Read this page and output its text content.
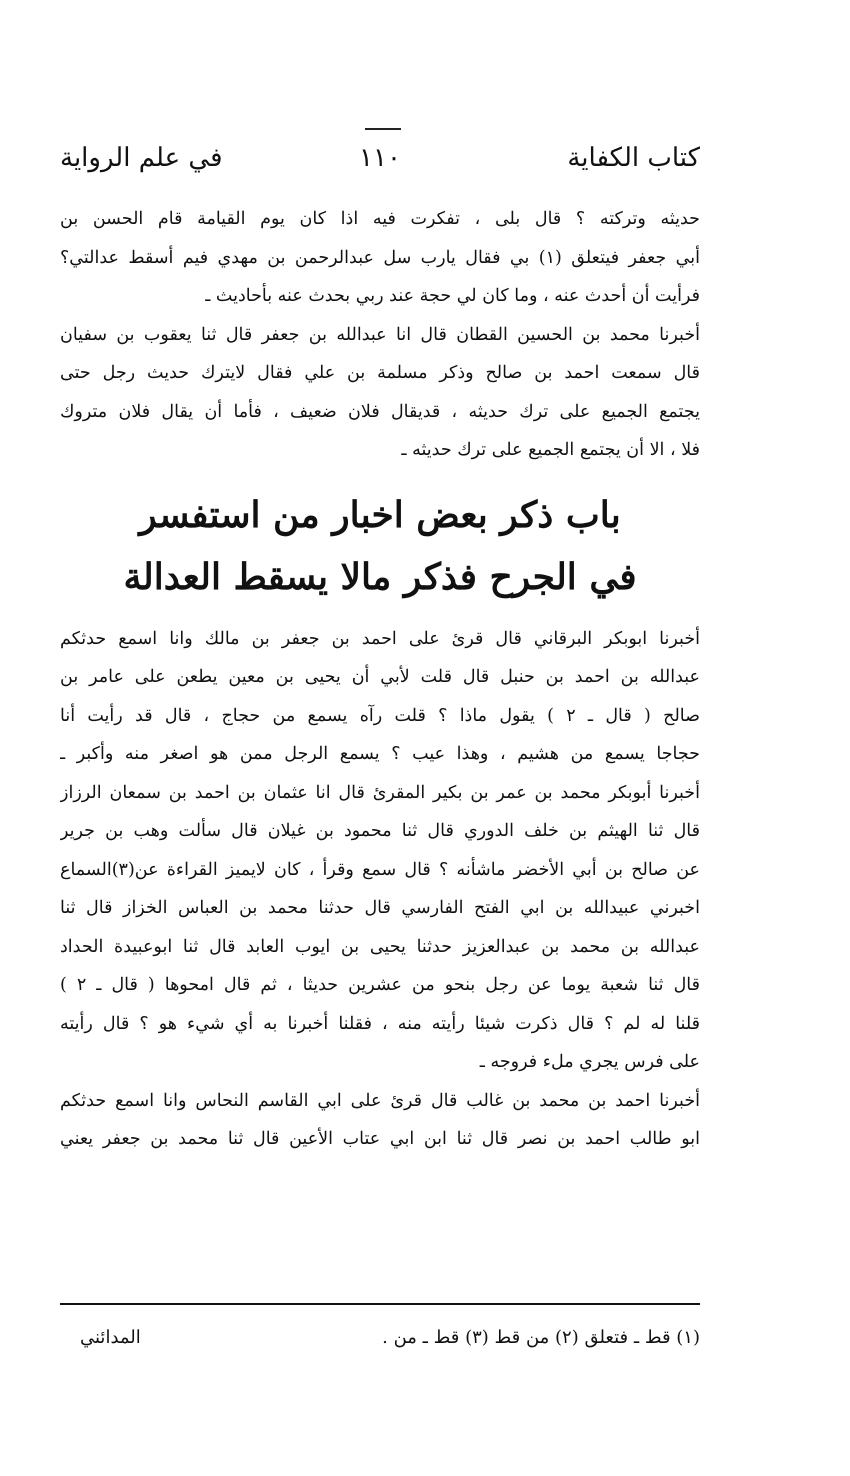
كتاب الكفاية
١١٠
في علم الرواية
حديثه وتركته ؟ قال بلى ، تفكرت فيه اذا كان يوم القيامة قام الحسن بن
أبي جعفر فيتعلق (١) بي فقال يارب سل عبدالرحمن بن مهدي فيم أسقط عدالتي؟
فرأيت أن أحدث عنه ، وما كان لي حجة عند ربي بحدث عنه بأحاديث ـ
أخبرنا محمد بن الحسين القطان قال انا عبدالله بن جعفر قال ثنا يعقوب بن سفيان
قال سمعت احمد بن صالح وذكر مسلمة بن علي فقال لايترك حديث رجل حتى
يجتمع الجميع على ترك حديثه ، قديقال فلان ضعيف ، فأما أن يقال فلان متروك
فلا ، الا أن يجتمع الجميع على ترك حديثه ـ
باب ذكر بعض اخبار من استفسر
في الجرح فذكر مالا يسقط العدالة
أخبرنا ابوبكر البرقاني قال قرئ على احمد بن جعفر بن مالك وانا اسمع حدثكم
عبدالله بن احمد بن حنبل قال قلت لأبي أن يحيى بن معين يطعن على عامر بن
صالح ( قال ـ ٢ ) يقول ماذا ؟ قلت رآه يسمع من حجاج ، قال قد رأيت أنا
حجاجا يسمع من هشيم ، وهذا عيب ؟ يسمع الرجل ممن هو اصغر منه وأكبر ـ
أخبرنا أبوبكر محمد بن عمر بن بكير المقرئ قال انا عثمان بن احمد بن سمعان الرزاز
قال ثنا الهيثم بن خلف الدوري قال ثنا محمود بن غيلان قال سألت وهب بن جرير
عن صالح بن أبي الأخضر ماشأنه ؟ قال سمع وقرأ ، كان لايميز القراءة عن(٣)السماع
اخبرني عبيدالله بن ابي الفتح الفارسي قال حدثنا محمد بن العباس الخزاز قال ثنا
عبدالله بن محمد بن عبدالعزيز حدثنا يحيى بن ايوب العابد قال ثنا ابوعبيدة الحداد
قال ثنا شعبة يوما عن رجل بنحو من عشرين حديثا ، ثم قال امحوها ( قال ـ ٢ )
قلنا له لم ؟ قال ذكرت شيئا رأيته منه ، فقلنا أخبرنا به أي شيء هو ؟ قال رأيته
على فرس يجري ملء فروجه ـ
أخبرنا احمد بن محمد بن غالب قال قرئ على ابي القاسم النحاس وانا اسمع حدثكم
ابو طالب احمد بن نصر قال ثنا ابن ابي عتاب الأعين قال ثنا محمد بن جعفر يعني
(١) قط ـ فتعلق (٢) من قط (٣) قط ـ من .
المدائني
